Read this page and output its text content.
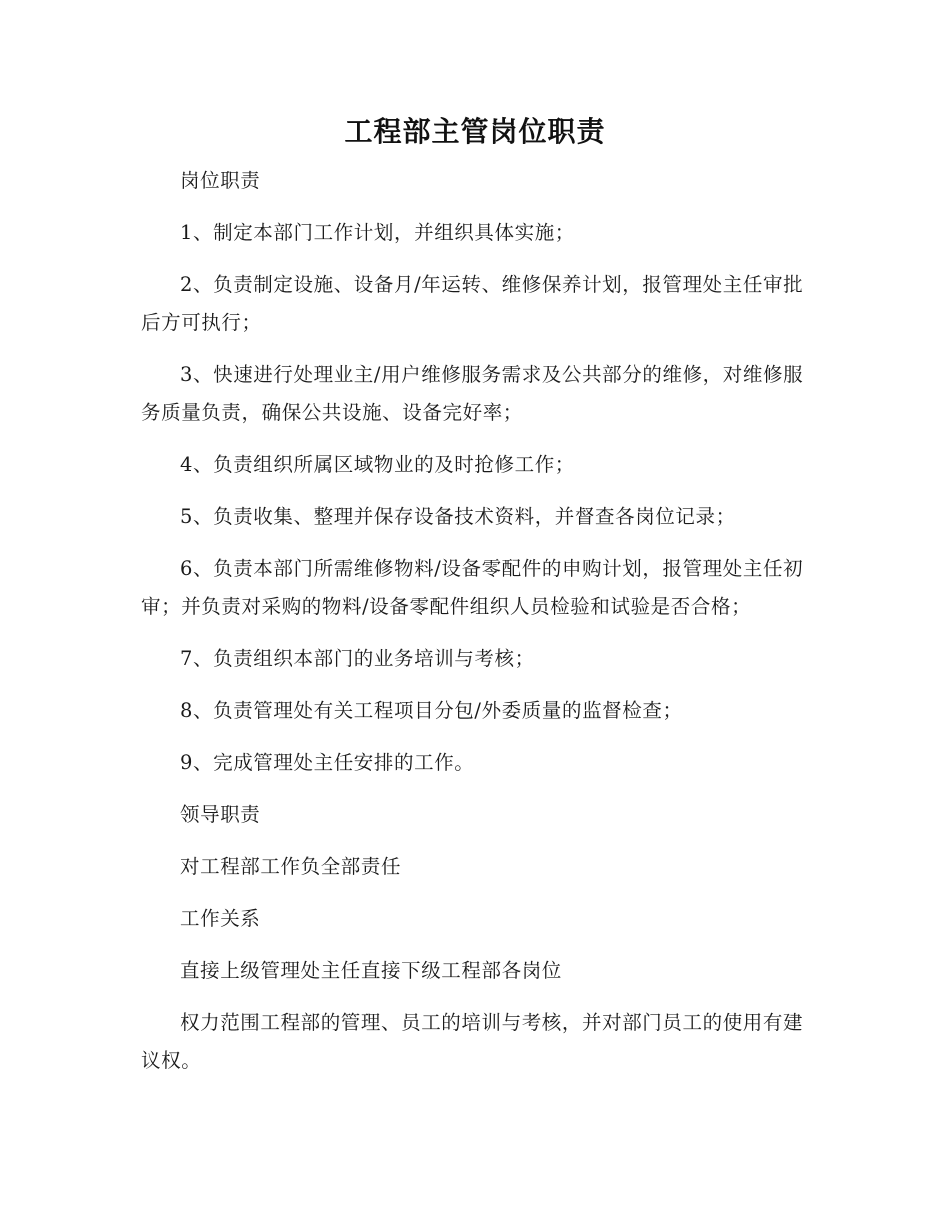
工程部主管岗位职责

岗位职责

1、制定本部门工作计划，并组织具体实施；

2、负责制定设施、设备月/年运转、维修保养计划，报管理处主任审批后方可执行；

3、快速进行处理业主/用户维修服务需求及公共部分的维修，对维修服务质量负责，确保公共设施、设备完好率；

4、负责组织所属区域物业的及时抢修工作；

5、负责收集、整理并保存设备技术资料，并督查各岗位记录；

6、负责本部门所需维修物料/设备零配件的申购计划，报管理处主任初审；并负责对采购的物料/设备零配件组织人员检验和试验是否合格；

7、负责组织本部门的业务培训与考核；

8、负责管理处有关工程项目分包/外委质量的监督检查；

9、完成管理处主任安排的工作。

领导职责

对工程部工作负全部责任

工作关系

直接上级管理处主任直接下级工程部各岗位

权力范围工程部的管理、员工的培训与考核，并对部门员工的使用有建议权。
